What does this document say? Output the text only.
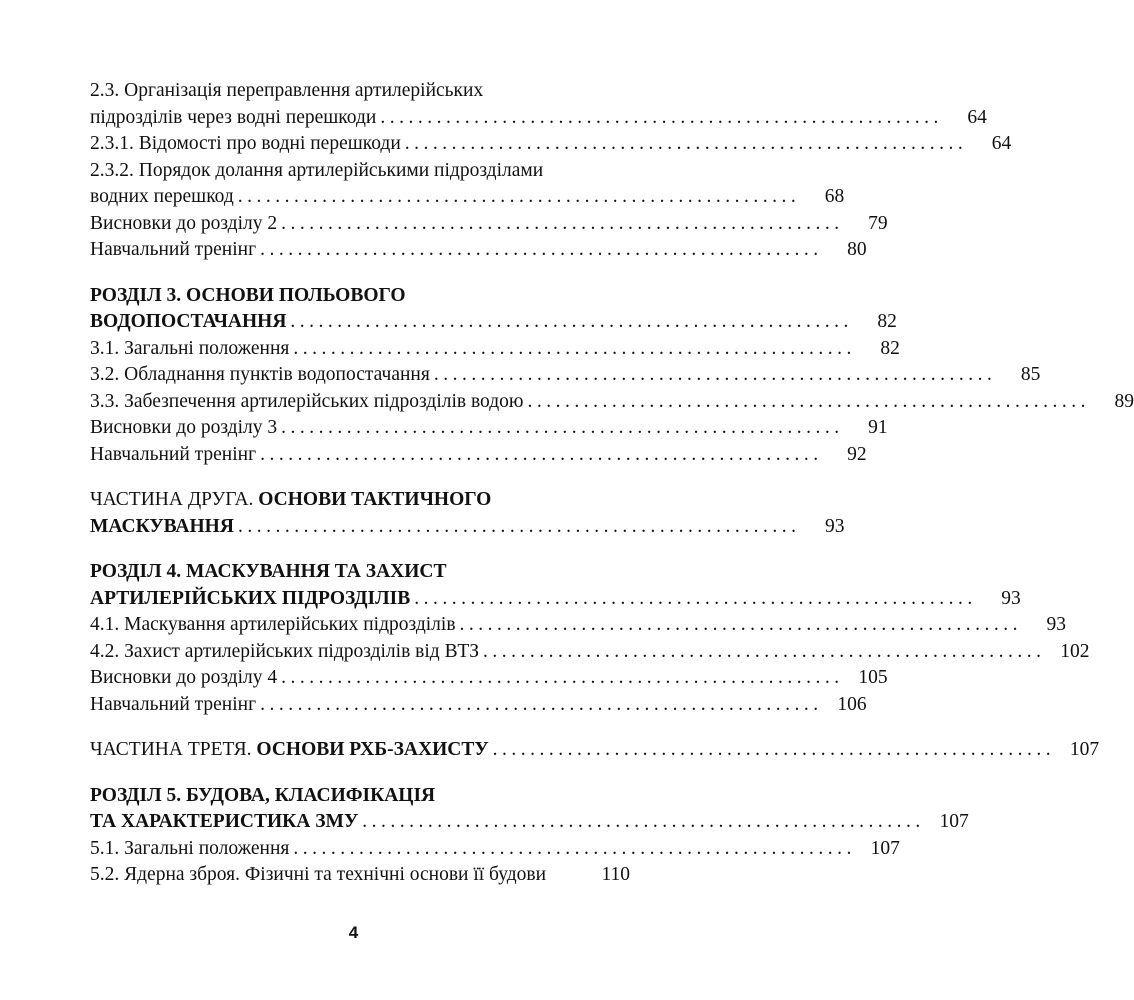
2.3. Організація переправлення артилерійських
підрозділів через водні перешкоди ............................................................	64
2.3.1. Відомості про водні перешкоди ............................................................	64
2.3.2. Порядок долання артилерійськими підрозділами
водних перешкод ............................................................	68
Висновки до розділу 2 ............................................................	79
Навчальний тренінг ............................................................	80
РОЗДІЛ 3. ОСНОВИ ПОЛЬОВОГО
ВОДОПОСТАЧАННЯ ............................................................	82
3.1. Загальні положення ............................................................	82
3.2. Обладнання пунктів водопостачання ............................................................	85
3.3. Забезпечення артилерійських підрозділів водою ............................................................	89
Висновки до розділу 3 ............................................................	91
Навчальний тренінг ............................................................	92
ЧАСТИНА ДРУГА. ОСНОВИ ТАКТИЧНОГО
МАСКУВАННЯ ............................................................	93
РОЗДІЛ 4. МАСКУВАННЯ ТА ЗАХИСТ
АРТИЛЕРІЙСЬКИХ ПІДРОЗДІЛІВ ............................................................	93
4.1. Маскування артилерійських підрозділів ............................................................	93
4.2. Захист артилерійських підрозділів від ВТЗ ............................................................ 102
Висновки до розділу 4 ............................................................ 105
Навчальний тренінг ............................................................ 106
ЧАСТИНА ТРЕТЯ. ОСНОВИ РХБ-ЗАХИСТУ ............................................................ 107
РОЗДІЛ 5. БУДОВА, КЛАСИФІКАЦІЯ
ТА ХАРАКТЕРИСТИКА ЗМУ ............................................................ 107
5.1. Загальні положення ............................................................ 107
5.2. Ядерна зброя. Фізичні та технічні основи її будови	110
4
